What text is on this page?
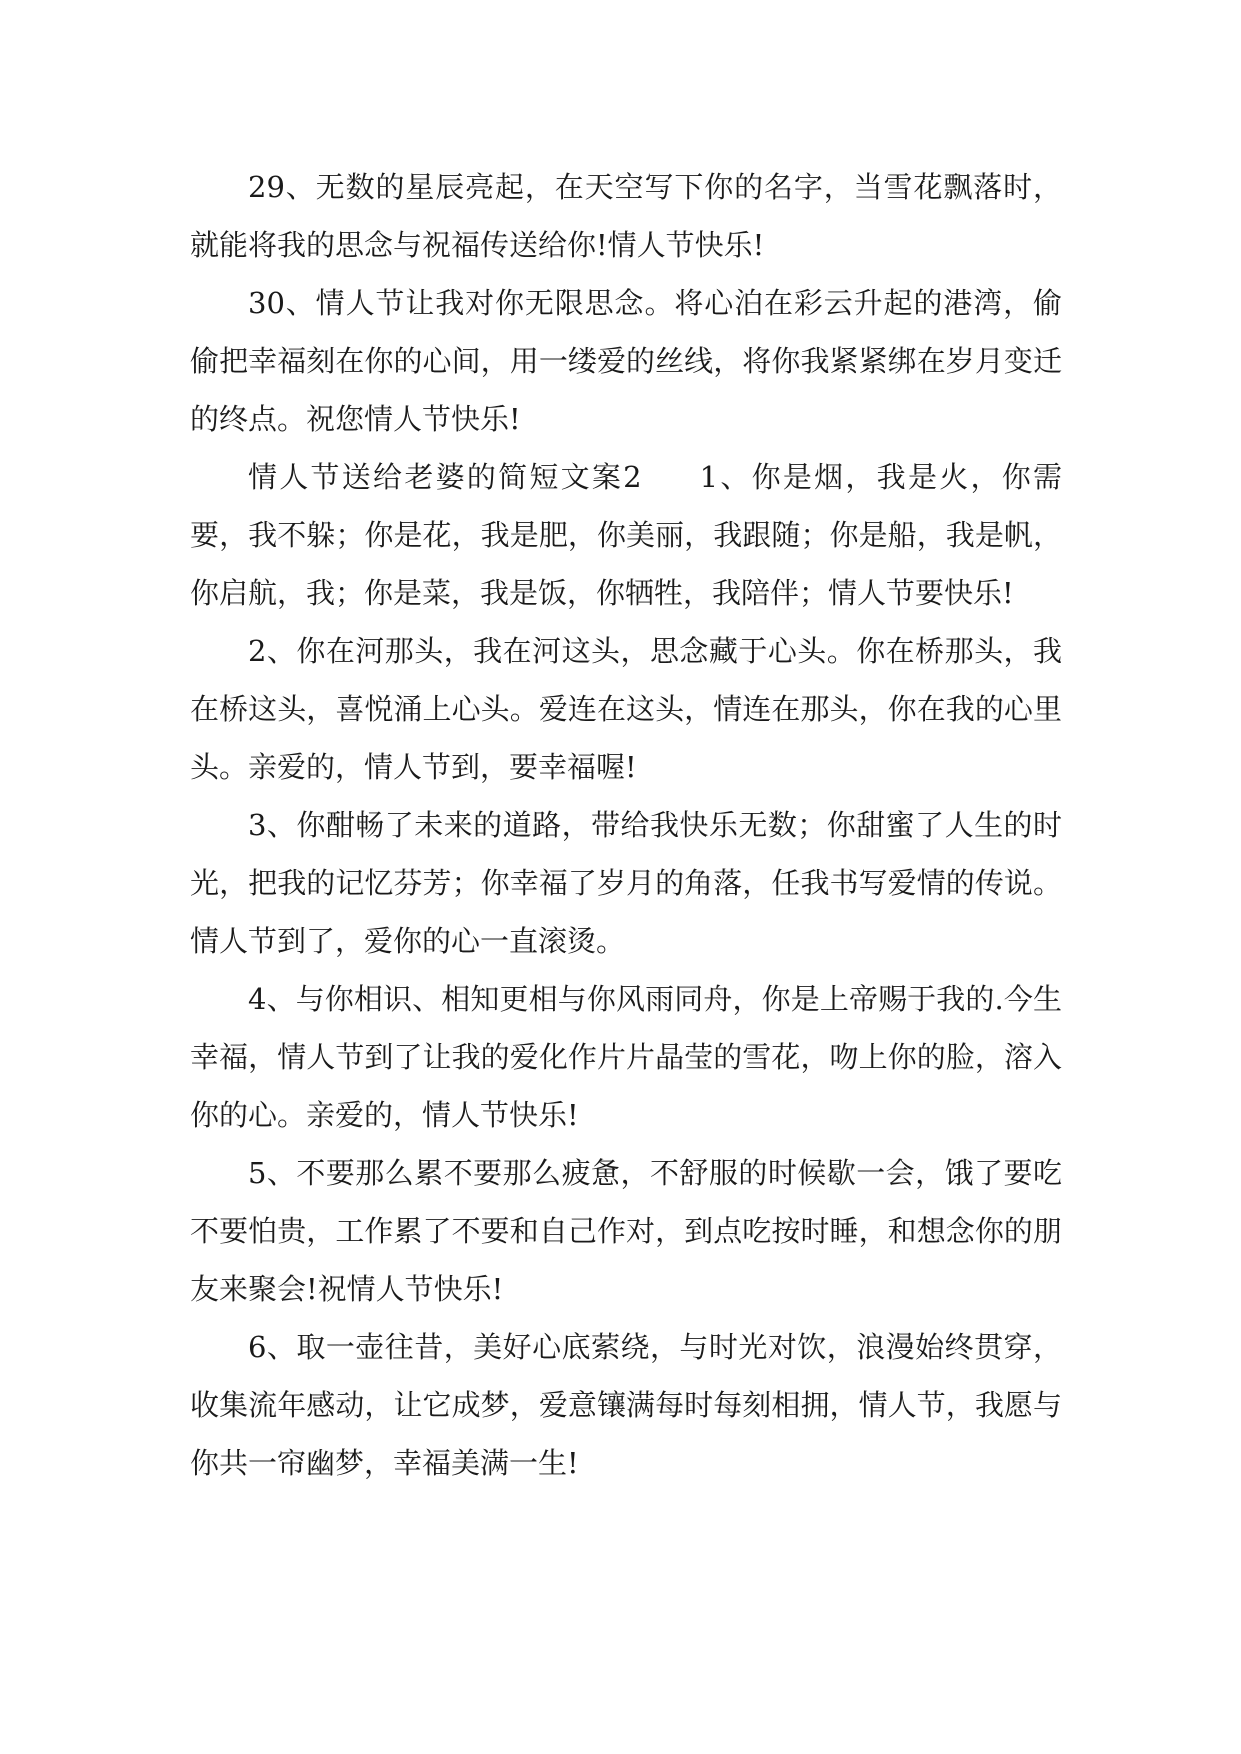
29、无数的星辰亮起，在天空写下你的名字，当雪花飘落时，就能将我的思念与祝福传送给你!情人节快乐!

30、情人节让我对你无限思念。将心泊在彩云升起的港湾，偷偷把幸福刻在你的心间，用一缕爱的丝线，将你我紧紧绑在岁月变迁的终点。祝您情人节快乐!

情人节送给老婆的简短文案2 1、你是烟，我是火，你需要，我不躲；你是花，我是肥，你美丽，我跟随；你是船，我是帆，你启航，我；你是菜，我是饭，你牺牲，我陪伴；情人节要快乐!

2、你在河那头，我在河这头，思念藏于心头。你在桥那头，我在桥这头，喜悦涌上心头。爱连在这头，情连在那头，你在我的心里头。亲爱的，情人节到，要幸福喔!

3、你酣畅了未来的道路，带给我快乐无数；你甜蜜了人生的时光，把我的记忆芬芳；你幸福了岁月的角落，任我书写爱情的传说。情人节到了，爱你的心一直滚烫。

4、与你相识、相知更相与你风雨同舟，你是上帝赐于我的.今生幸福，情人节到了让我的爱化作片片晶莹的雪花，吻上你的脸，溶入你的心。亲爱的，情人节快乐!

5、不要那么累不要那么疲惫，不舒服的时候歇一会，饿了要吃不要怕贵，工作累了不要和自己作对，到点吃按时睡，和想念你的朋友来聚会!祝情人节快乐!

6、取一壶往昔，美好心底萦绕，与时光对饮，浪漫始终贯穿，收集流年感动，让它成梦，爱意镶满每时每刻相拥，情人节，我愿与你共一帘幽梦，幸福美满一生!
